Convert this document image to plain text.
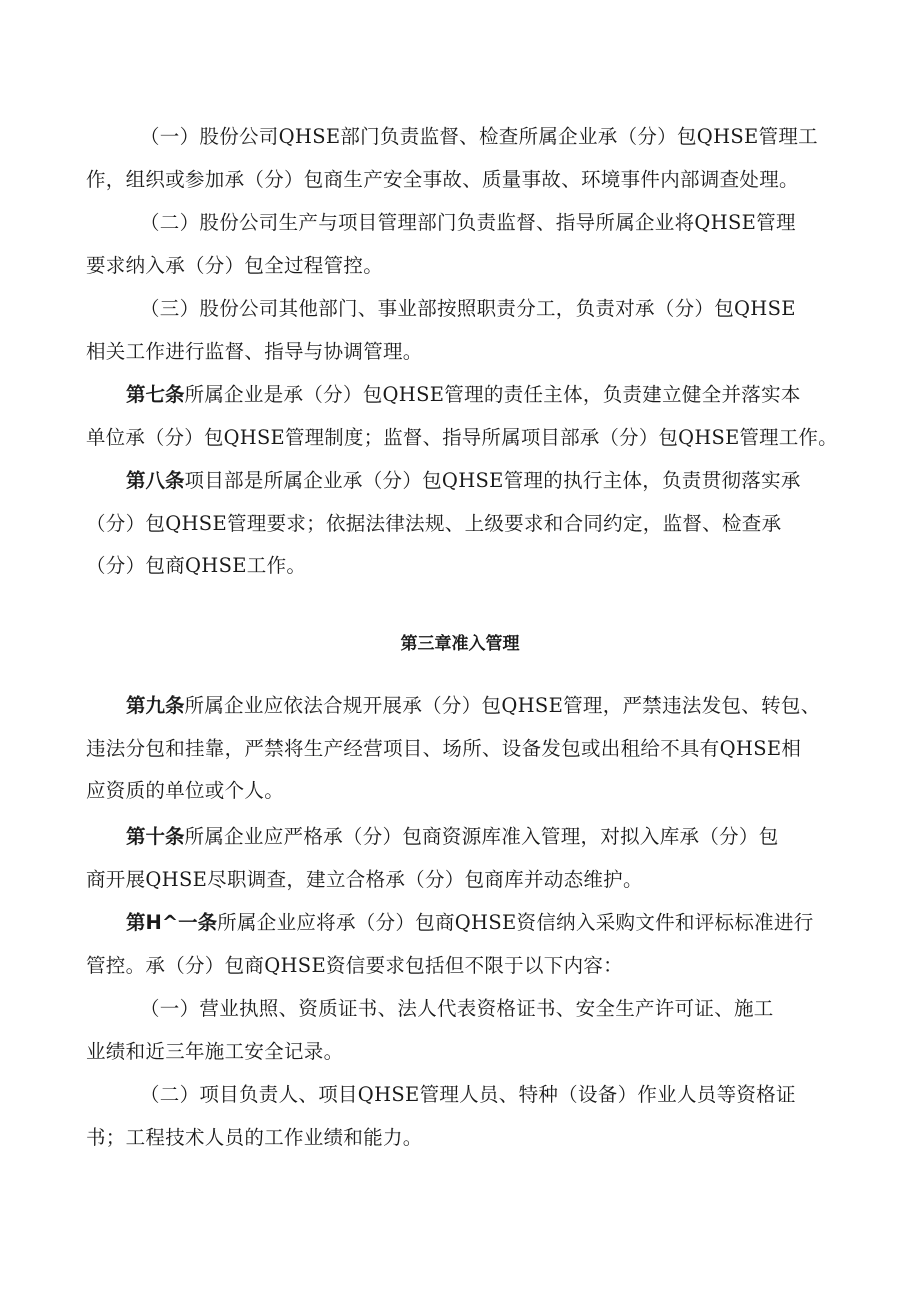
（一）股份公司QHSE部门负责监督、检查所属企业承（分）包QHSE管理工
作，组织或参加承（分）包商生产安全事故、质量事故、环境事件内部调查处理。
（二）股份公司生产与项目管理部门负责监督、指导所属企业将QHSE管理
要求纳入承（分）包全过程管控。
（三）股份公司其他部门、事业部按照职责分工，负责对承（分）包QHSE
相关工作进行监督、指导与协调管理。
第七条所属企业是承（分）包QHSE管理的责任主体，负责建立健全并落实本
单位承（分）包QHSE管理制度；监督、指导所属项目部承（分）包QHSE管理工作。
第八条项目部是所属企业承（分）包QHSE管理的执行主体，负责贯彻落实承
（分）包QHSE管理要求；依据法律法规、上级要求和合同约定，监督、检查承
（分）包商QHSE工作。
第三章准入管理
第九条所属企业应依法合规开展承（分）包QHSE管理，严禁违法发包、转包、
违法分包和挂靠，严禁将生产经营项目、场所、设备发包或出租给不具有QHSE相
应资质的单位或个人。
第十条所属企业应严格承（分）包商资源库准入管理，对拟入库承（分）包
商开展QHSE尽职调查，建立合格承（分）包商库并动态维护。
第H^一条所属企业应将承（分）包商QHSE资信纳入采购文件和评标标准进行
管控。承（分）包商QHSE资信要求包括但不限于以下内容：
（一）营业执照、资质证书、法人代表资格证书、安全生产许可证、施工
业绩和近三年施工安全记录。
（二）项目负责人、项目QHSE管理人员、特种（设备）作业人员等资格证
书；工程技术人员的工作业绩和能力。
